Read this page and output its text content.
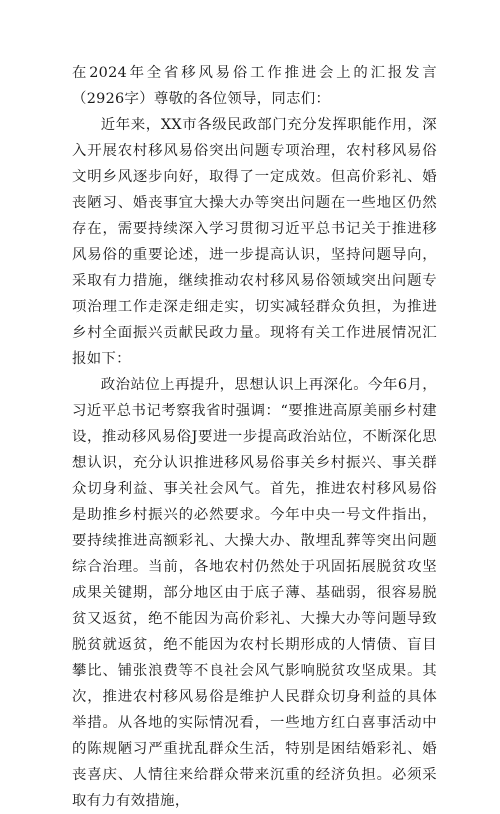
在2024年全省移风易俗工作推进会上的汇报发言（2926字）尊敬的各位领导，同志们：

近年来，XX市各级民政部门充分发挥职能作用，深入开展农村移风易俗突出问题专项治理，农村移风易俗文明乡风逐步向好，取得了一定成效。但高价彩礼、婚丧陋习、婚丧事宜大操大办等突出问题在一些地区仍然存在，需要持续深入学习贯彻习近平总书记关于推进移风易俗的重要论述，进一步提高认识，坚持问题导向，采取有力措施，继续推动农村移风易俗领域突出问题专项治理工作走深走细走实，切实减轻群众负担，为推进乡村全面振兴贡献民政力量。现将有关工作进展情况汇报如下：

政治站位上再提升，思想认识上再深化。今年6月，习近平总书记考察我省时强调：“要推进高原美丽乡村建设，推动移风易俗J要进一步提高政治站位，不断深化思想认识，充分认识推进移风易俗事关乡村振兴、事关群众切身利益、事关社会风气。首先，推进农村移风易俗是助推乡村振兴的必然要求。今年中央一号文件指出，要持续推进高额彩礼、大操大办、散埋乱葬等突出问题综合治理。当前，各地农村仍然处于巩固拓展脱贫攻坚成果关键期，部分地区由于底子薄、基础弱，很容易脱贫又返贫，绝不能因为高价彩礼、大操大办等问题导致脱贫就返贫，绝不能因为农村长期形成的人情债、盲目攀比、铺张浪费等不良社会风气影响脱贫攻坚成果。其次，推进农村移风易俗是维护人民群众切身利益的具体举措。从各地的实际情况看，一些地方红白喜事活动中的陈规陋习严重扰乱群众生活，特别是困结婚彩礼、婚丧喜庆、人情往来给群众带来沉重的经济负担。必须采取有力有效措施，
